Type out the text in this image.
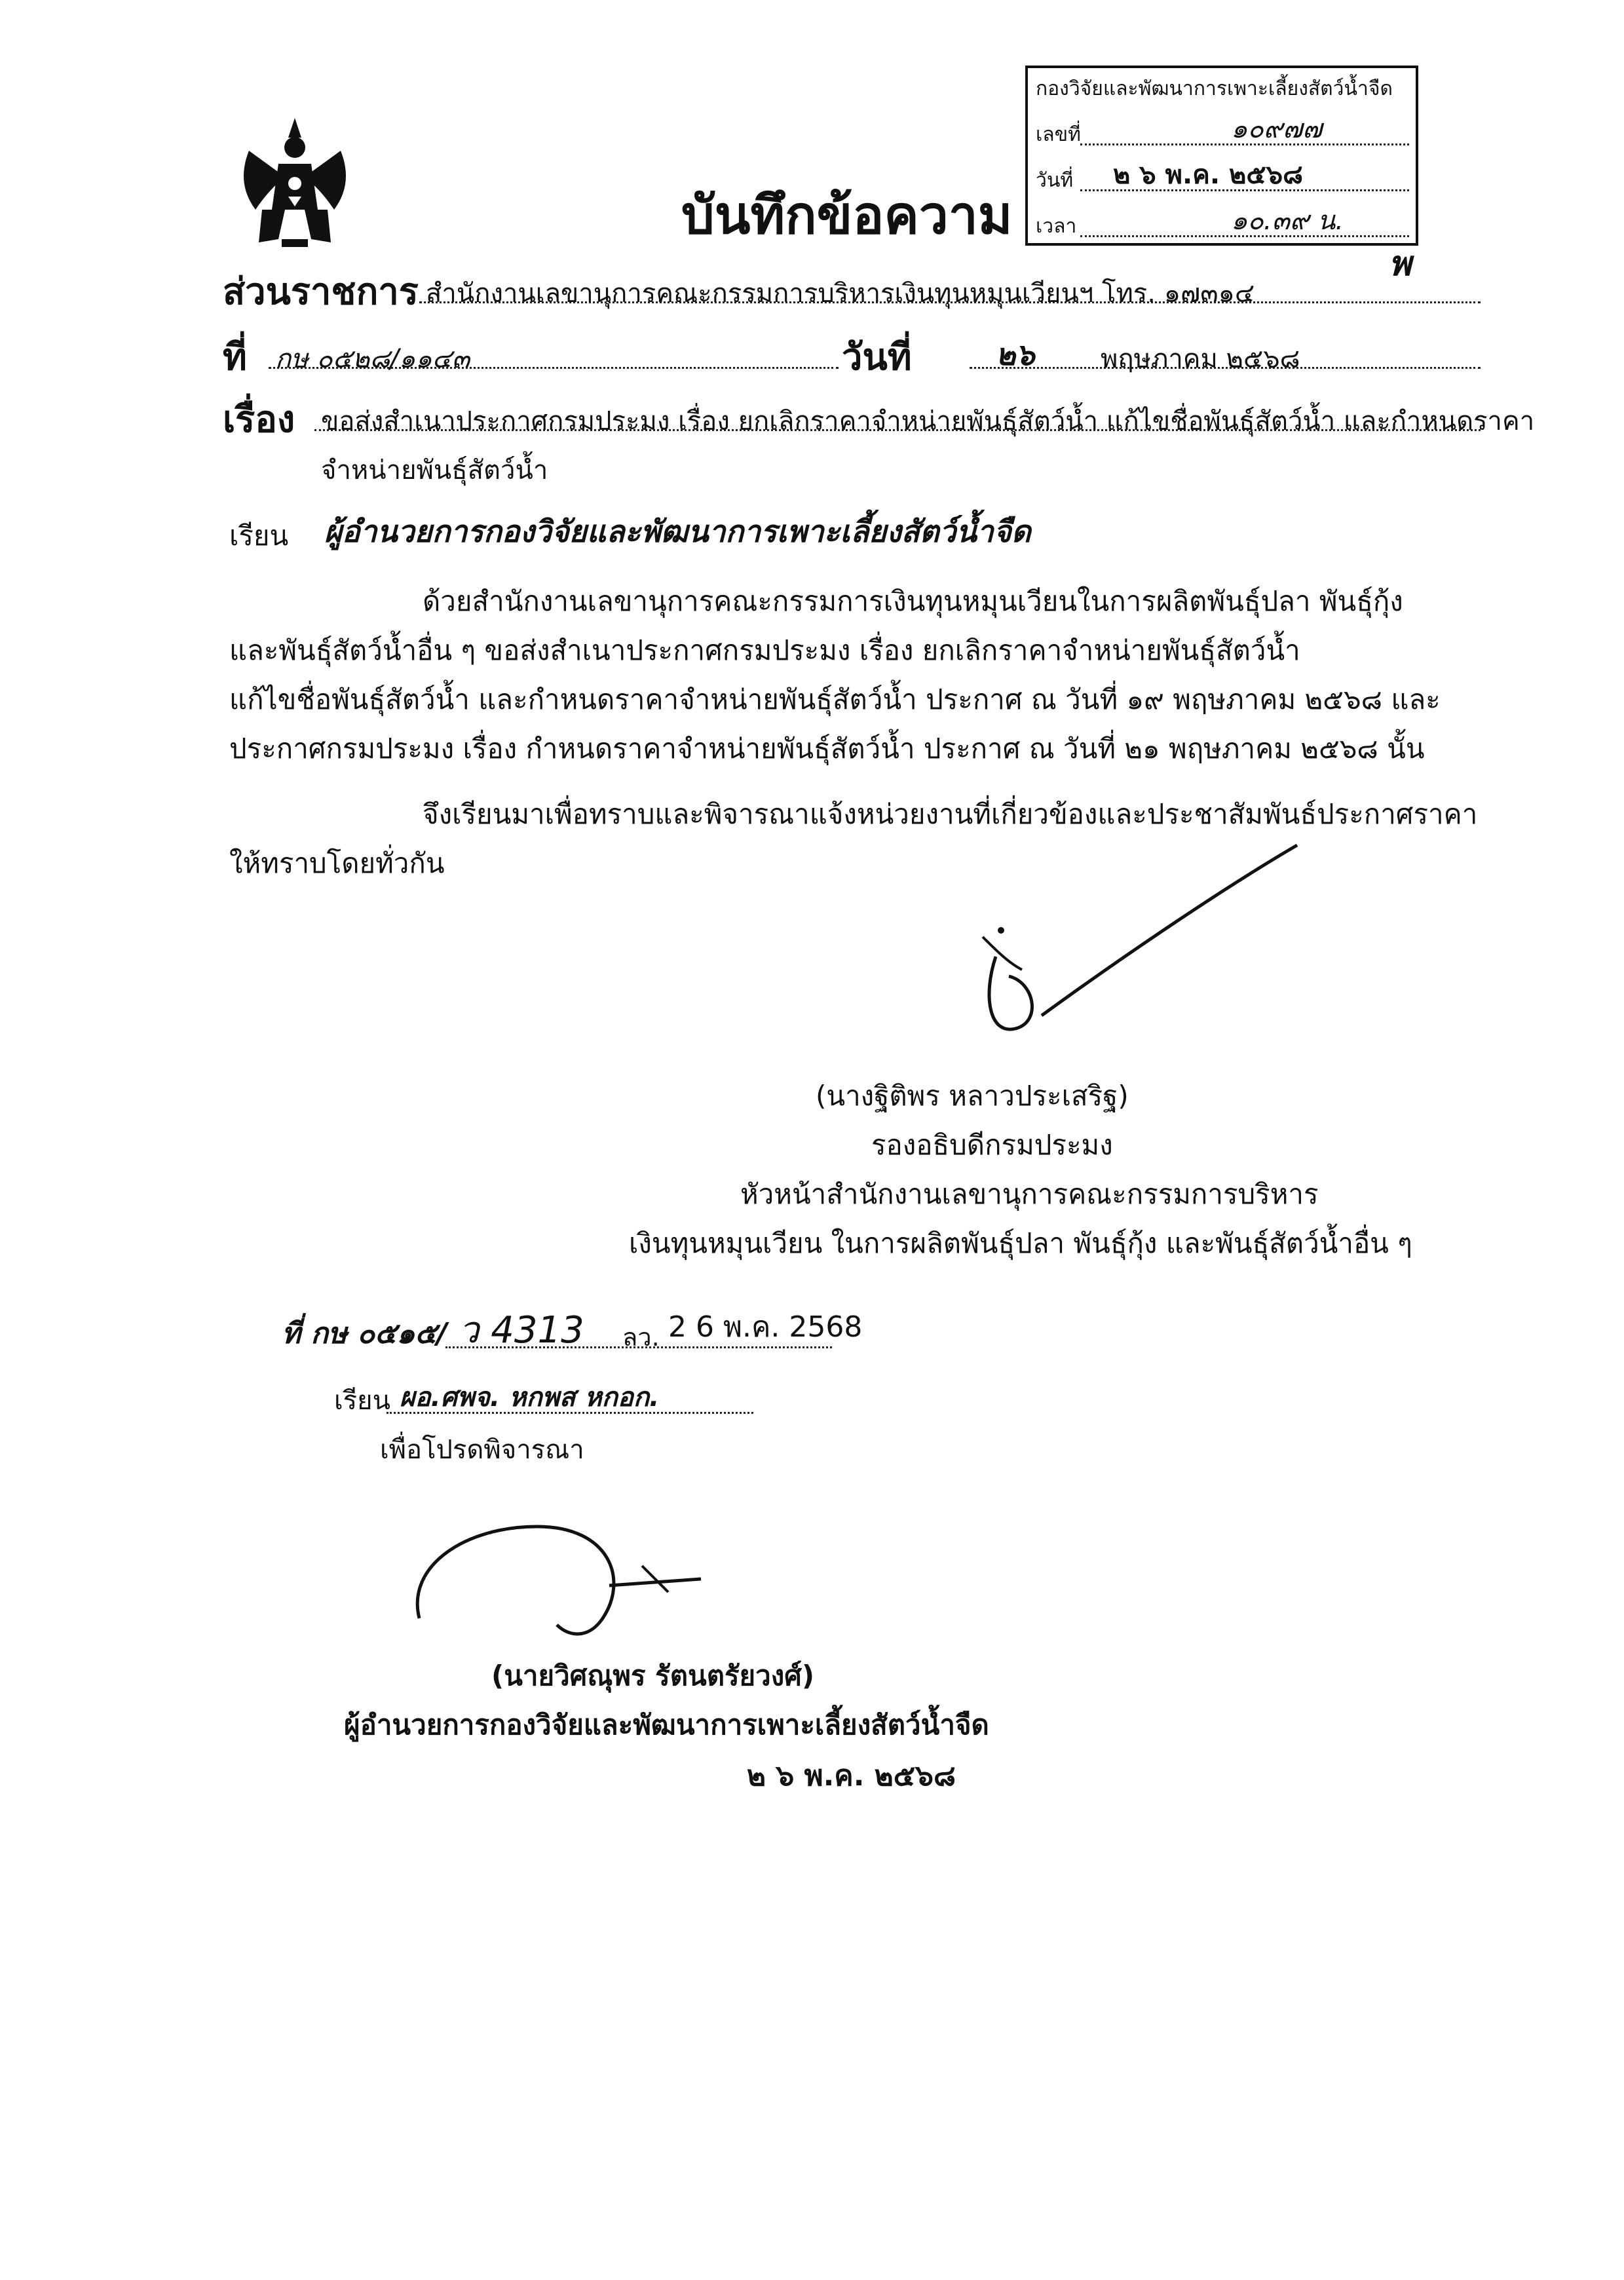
กองวิจัยและพัฒนาการเพาะเลี้ยงสัตว์น้ำจืด
เลขที่	๑๐๙๗๗
วันที่ ๒ ๖ พ.ค. ๒๕๖๘
เวลา	๑๐.๓๙ น.
พ
บันทึกข้อความ
ส่วนราชการ สำนักงานเลขานุการคณะกรรมการบริหารเงินทุนหมุนเวียนฯ โทร. ๑๗๓๑๔
ที่ กษ ๐๕๒๘/๑๑๔๓	วันที่	๒๖	พฤษภาคม ๒๕๖๘
เรื่อง ขอส่งสำเนาประกาศกรมประมง เรื่อง ยกเลิกราคาจำหน่ายพันธุ์สัตว์น้ำ แก้ไขชื่อพันธุ์สัตว์น้ำ และกำหนดราคา
จำหน่ายพันธุ์สัตว์น้ำ
เรียน ผู้อำนวยการกองวิจัยและพัฒนาการเพาะเลี้ยงสัตว์น้ำจืด
ด้วยสำนักงานเลขานุการคณะกรรมการเงินทุนหมุนเวียนในการผลิตพันธุ์ปลา พันธุ์กุ้ง
และพันธุ์สัตว์น้ำอื่น ๆ ขอส่งสำเนาประกาศกรมประมง เรื่อง ยกเลิกราคาจำหน่ายพันธุ์สัตว์น้ำ
แก้ไขชื่อพันธุ์สัตว์น้ำ และกำหนดราคาจำหน่ายพันธุ์สัตว์น้ำ ประกาศ ณ วันที่ ๑๙ พฤษภาคม ๒๕๖๘ และ
ประกาศกรมประมง เรื่อง กำหนดราคาจำหน่ายพันธุ์สัตว์น้ำ ประกาศ ณ วันที่ ๒๑ พฤษภาคม ๒๕๖๘ นั้น
จึงเรียนมาเพื่อทราบและพิจารณาแจ้งหน่วยงานที่เกี่ยวข้องและประชาสัมพันธ์ประกาศราคา
ให้ทราบโดยทั่วกัน
(นางฐิติพร หลาวประเสริฐ)
รองอธิบดีกรมประมง
หัวหน้าสำนักงานเลขานุการคณะกรรมการบริหาร
เงินทุนหมุนเวียน ในการผลิตพันธุ์ปลา พันธุ์กุ้ง และพันธุ์สัตว์น้ำอื่น ๆ
ที่ กษ ๐๕๑๕/ ว 4313 ลว. 2 6 พ.ค. 2568
เรียน ผอ.ศพจ. หกพส หกอก.
เพื่อโปรดพิจารณา
(นายวิศณุพร รัตนตรัยวงศ์)
ผู้อำนวยการกองวิจัยและพัฒนาการเพาะเลี้ยงสัตว์น้ำจืด
๒ ๖ พ.ค. ๒๕๖๘
